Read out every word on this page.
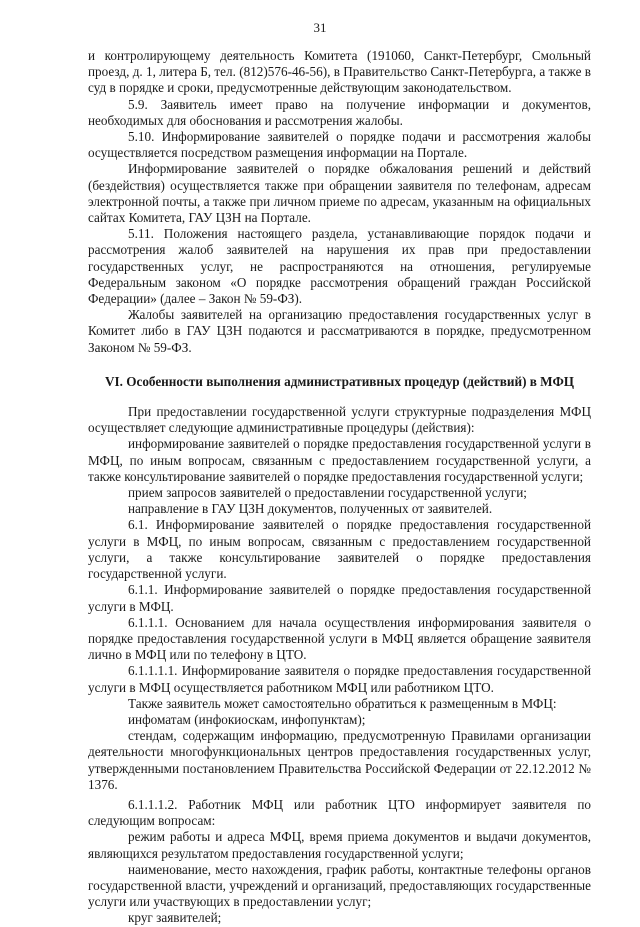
31

и контролирующему деятельность Комитета (191060, Санкт-Петербург, Смольный проезд, д. 1, литера Б, тел. (812)576-46-56), в Правительство Санкт-Петербурга, а также в суд в порядке и сроки, предусмотренные действующим законодательством.

5.9. Заявитель имеет право на получение информации и документов, необходимых для обоснования и рассмотрения жалобы.

5.10. Информирование заявителей о порядке подачи и рассмотрения жалобы осуществляется посредством размещения информации на Портале.

Информирование заявителей о порядке обжалования решений и действий (бездействия) осуществляется также при обращении заявителя по телефонам, адресам электронной почты, а также при личном приеме по адресам, указанным на официальных сайтах Комитета, ГАУ ЦЗН на Портале.

5.11. Положения настоящего раздела, устанавливающие порядок подачи и рассмотрения жалоб заявителей на нарушения их прав при предоставлении государственных услуг, не распространяются на отношения, регулируемые Федеральным законом «О порядке рассмотрения обращений граждан Российской Федерации» (далее – Закон № 59-ФЗ).

Жалобы заявителей на организацию предоставления государственных услуг в Комитет либо в ГАУ ЦЗН подаются и рассматриваются в порядке, предусмотренном Законом № 59-ФЗ.

VI. Особенности выполнения административных процедур (действий) в МФЦ

При предоставлении государственной услуги структурные подразделения МФЦ осуществляет следующие административные процедуры (действия):

информирование заявителей о порядке предоставления государственной услуги в МФЦ, по иным вопросам, связанным с предоставлением государственной услуги, а также консультирование заявителей о порядке предоставления государственной услуги;

прием запросов заявителей о предоставлении государственной услуги;

направление в ГАУ ЦЗН документов, полученных от заявителей.

6.1. Информирование заявителей о порядке предоставления государственной услуги в МФЦ, по иным вопросам, связанным с предоставлением государственной услуги, а также консультирование заявителей о порядке предоставления государственной услуги.

6.1.1. Информирование заявителей о порядке предоставления государственной услуги в МФЦ.

6.1.1.1. Основанием для начала осуществления информирования заявителя о порядке предоставления государственной услуги в МФЦ является обращение заявителя лично в МФЦ или по телефону в ЦТО.

6.1.1.1.1. Информирование заявителя о порядке предоставления государственной услуги в МФЦ осуществляется работником МФЦ или работником ЦТО.

Также заявитель может самостоятельно обратиться к размещенным в МФЦ:

инфоматам (инфокиоскам, инфопунктам);

стендам, содержащим информацию, предусмотренную Правилами организации деятельности многофункциональных центров предоставления государственных услуг, утвержденными постановлением Правительства Российской Федерации от 22.12.2012 № 1376.

6.1.1.1.2. Работник МФЦ или работник ЦТО информирует заявителя по следующим вопросам:

режим работы и адреса МФЦ, время приема документов и выдачи документов, являющихся результатом предоставления государственной услуги;

наименование, место нахождения, график работы, контактные телефоны органов государственной власти, учреждений и организаций, предоставляющих государственные услуги или участвующих в предоставлении услуг;

круг заявителей;
